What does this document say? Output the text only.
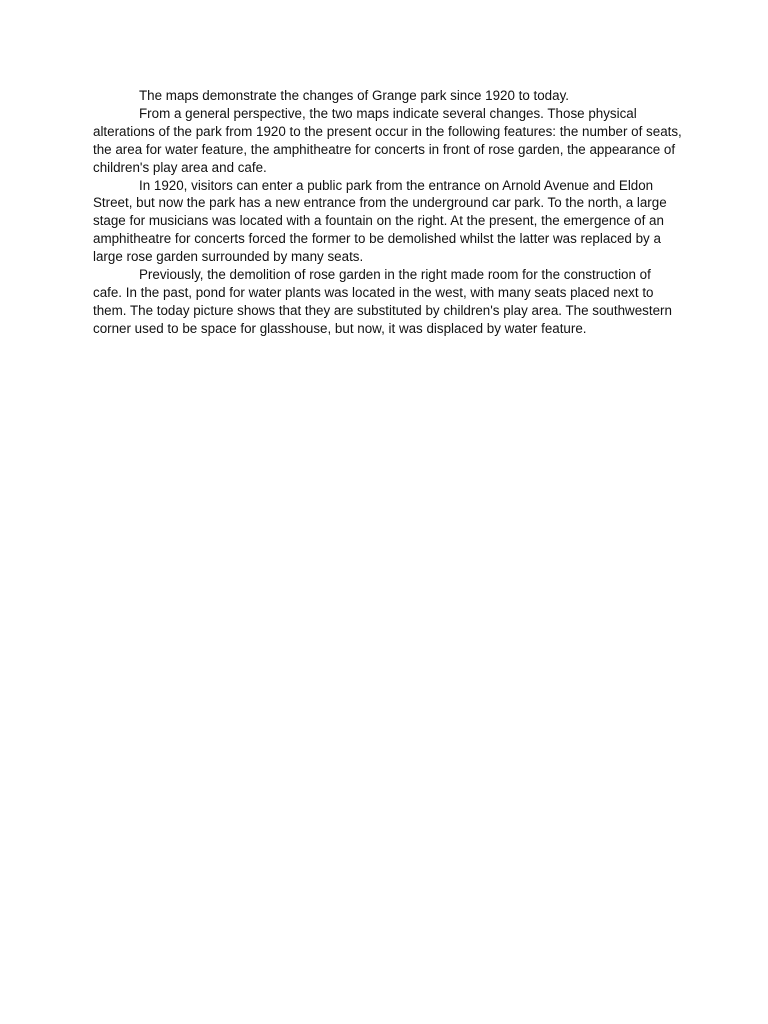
The maps demonstrate the changes of Grange park since 1920 to today.

From a general perspective, the two maps indicate several changes. Those physical alterations of the park from 1920 to the present occur in the following features: the number of seats, the area for water feature, the amphitheatre for concerts in front of rose garden, the appearance of children's play area and cafe.

In 1920, visitors can enter a public park from the entrance on Arnold Avenue and Eldon Street, but now the park has a new entrance from the underground car park. To the north, a large stage for musicians was located with a fountain on the right. At the present, the emergence of an amphitheatre for concerts forced the former to be demolished whilst the latter was replaced by a large rose garden surrounded by many seats.

Previously, the demolition of rose garden in the right made room for the construction of cafe. In the past, pond for water plants was located in the west, with many seats placed next to them. The today picture shows that they are substituted by children's play area. The southwestern corner used to be space for glasshouse, but now, it was displaced by water feature.
